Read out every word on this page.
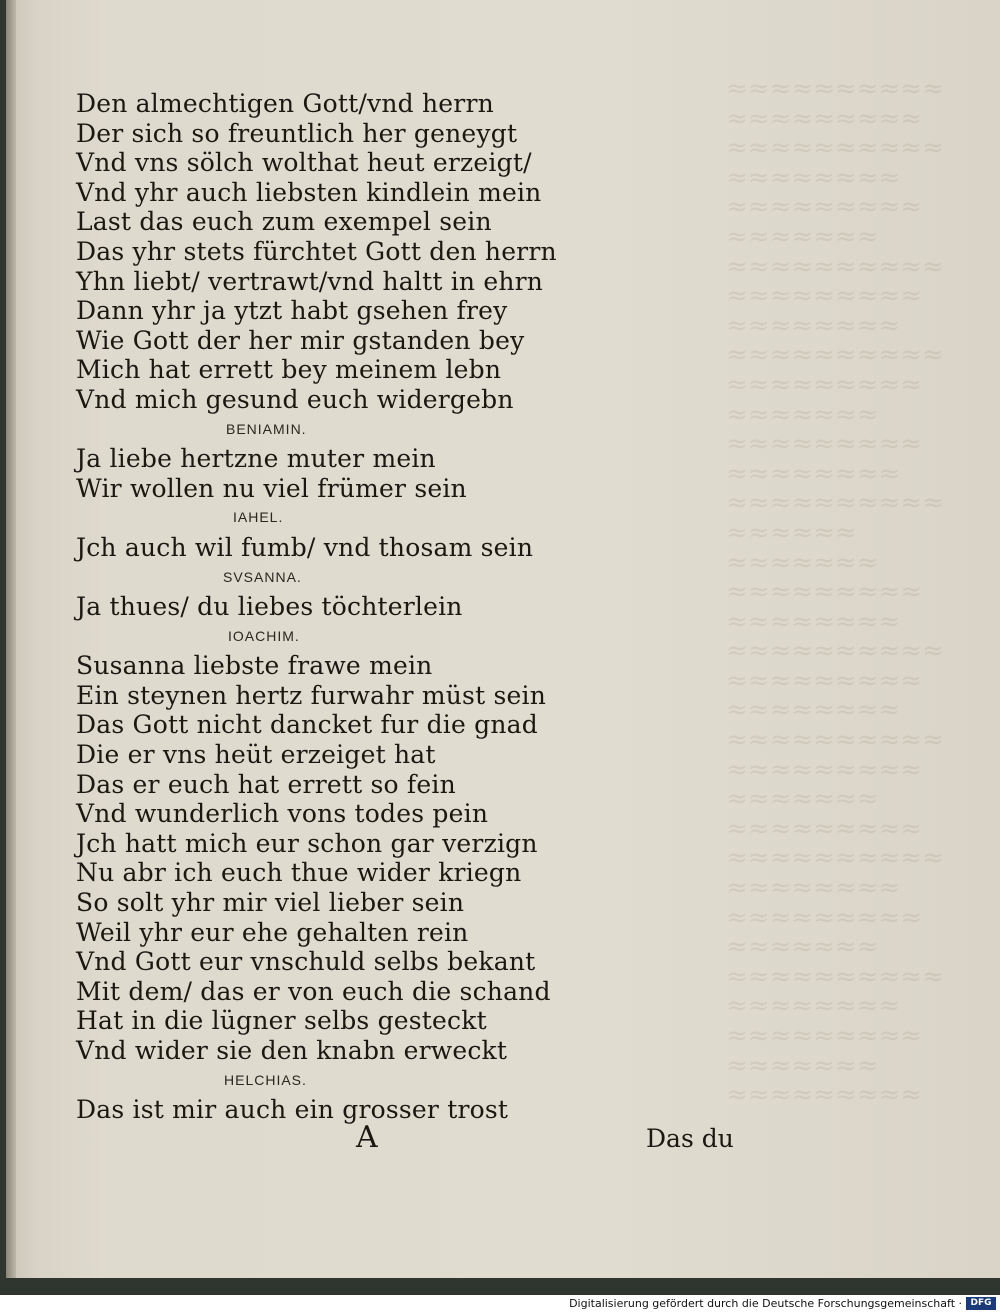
≈≈≈≈≈≈≈≈≈≈
≈≈≈≈≈≈≈≈≈
≈≈≈≈≈≈≈≈≈≈
≈≈≈≈≈≈≈≈
≈≈≈≈≈≈≈≈≈
≈≈≈≈≈≈≈
≈≈≈≈≈≈≈≈≈≈
≈≈≈≈≈≈≈≈≈
≈≈≈≈≈≈≈≈
≈≈≈≈≈≈≈≈≈≈
≈≈≈≈≈≈≈≈≈
≈≈≈≈≈≈≈
≈≈≈≈≈≈≈≈≈
≈≈≈≈≈≈≈≈
≈≈≈≈≈≈≈≈≈≈
≈≈≈≈≈≈
≈≈≈≈≈≈≈
≈≈≈≈≈≈≈≈≈
≈≈≈≈≈≈≈≈
≈≈≈≈≈≈≈≈≈≈
≈≈≈≈≈≈≈≈≈
≈≈≈≈≈≈≈≈
≈≈≈≈≈≈≈≈≈≈
≈≈≈≈≈≈≈≈≈
≈≈≈≈≈≈≈
≈≈≈≈≈≈≈≈≈
≈≈≈≈≈≈≈≈≈≈
≈≈≈≈≈≈≈≈
≈≈≈≈≈≈≈≈≈
≈≈≈≈≈≈≈
≈≈≈≈≈≈≈≈≈≈
≈≈≈≈≈≈≈≈
≈≈≈≈≈≈≈≈≈
≈≈≈≈≈≈≈
≈≈≈≈≈≈≈≈≈
Den almechtigen Gott/vnd herrn
Der sich so freuntlich her geneygt
Vnd vns sölch wolthat heut erzeigt/
Vnd yhr auch liebsten kindlein mein
Last das euch zum exempel sein
Das yhr stets fürchtet Gott den herrn
Yhn liebt/ vertrawt/vnd haltt in ehrn
Dann yhr ja ytzt habt gsehen frey
Wie Gott der her mir gstanden bey
Mich hat errett bey meinem lebn
Vnd mich gesund euch widergebn
BENIAMIN.
Ja liebe hertzne muter mein
Wir wollen nu viel frümer sein
IAHEL.
Jch auch wil fumb/ vnd thosam sein
SVSANNA.
Ja thues/ du liebes töchterlein
IOACHIM.
Susanna liebste frawe mein
Ein steynen hertz furwahr müst sein
Das Gott nicht dancket fur die gnad
Die er vns heüt erzeiget hat
Das er euch hat errett so fein
Vnd wunderlich vons todes pein
Jch hatt mich eur schon gar verzign
Nu abr ich euch thue wider kriegn
So solt yhr mir viel lieber sein
Weil yhr eur ehe gehalten rein
Vnd Gott eur vnschuld selbs bekant
Mit dem/ das er von euch die schand
Hat in die lügner selbs gesteckt
Vnd wider sie den knabn erweckt
HELCHIAS.
Das ist mir auch ein grosser trost
A	Das du
Digitalisierung gefördert durch die Deutsche Forschungsgemeinschaft · DFG
